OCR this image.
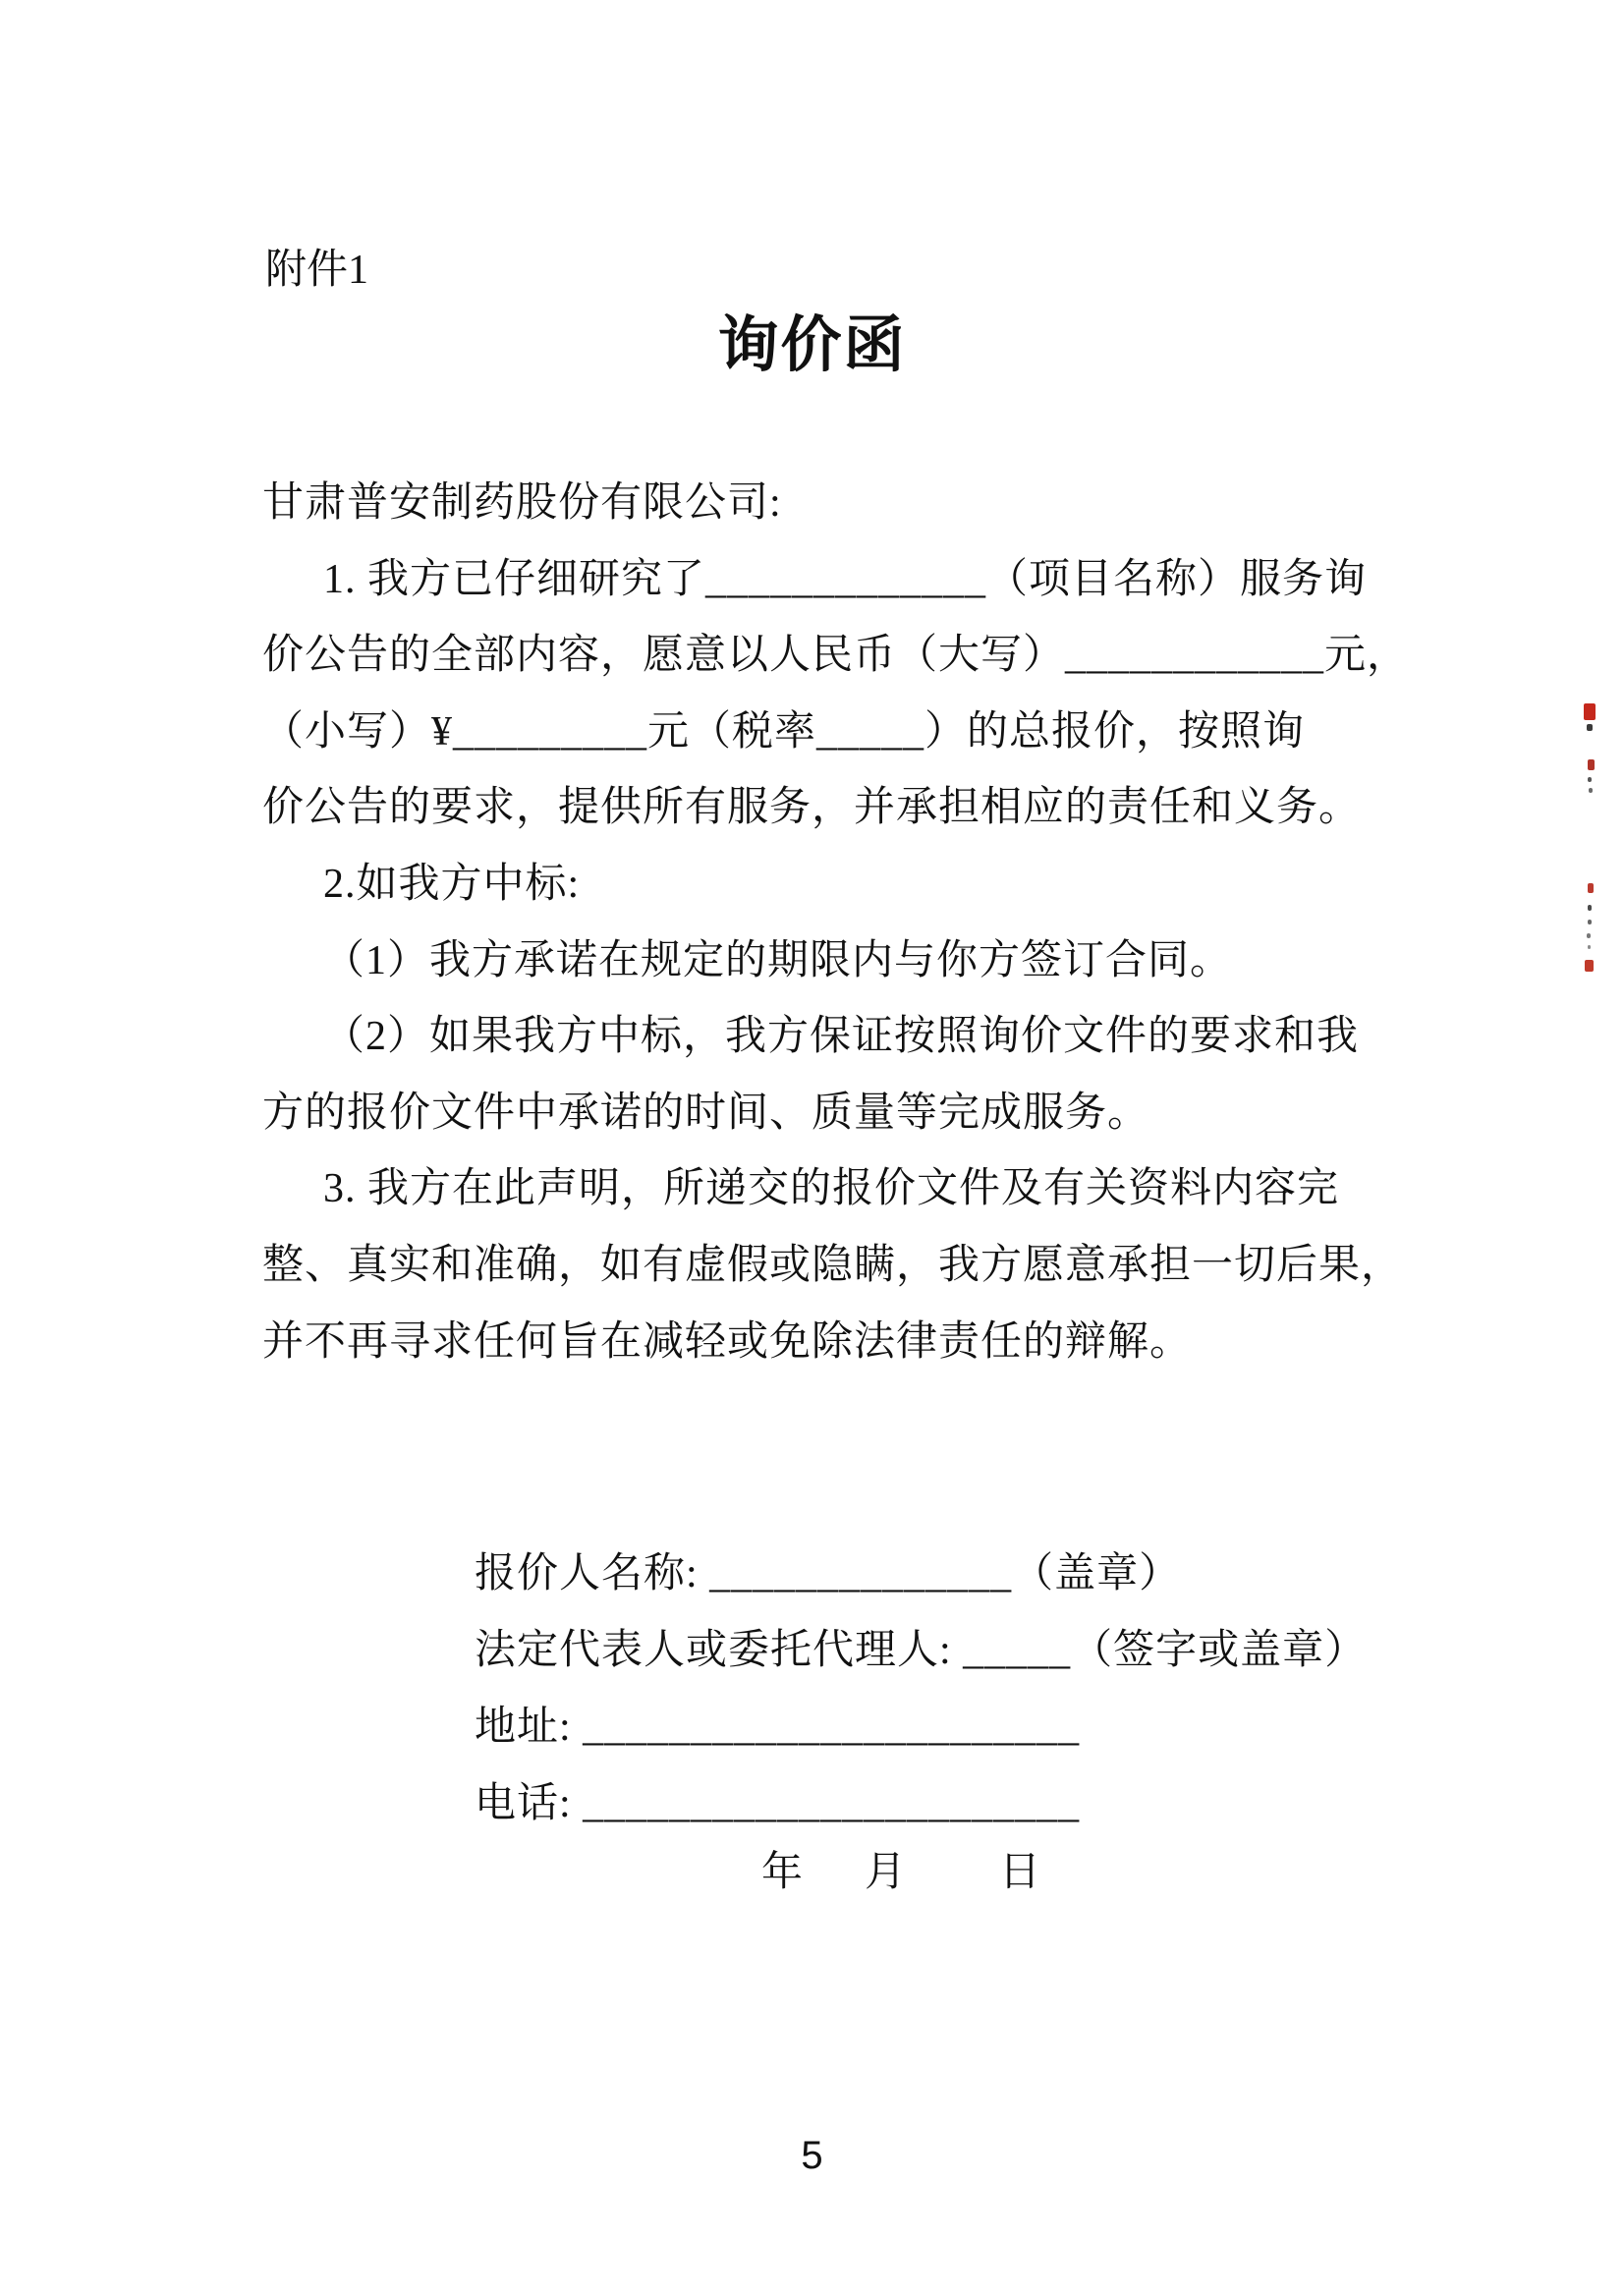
附件1
询价函
甘肃普安制药股份有限公司:
1. 我方已仔细研究了_____________（项目名称）服务询
价公告的全部内容，愿意以人民币（大写）____________元，
（小写）¥_________元（税率_____）的总报价，按照询
价公告的要求，提供所有服务，并承担相应的责任和义务。
2.如我方中标:
（1）我方承诺在规定的期限内与你方签订合同。
（2）如果我方中标，我方保证按照询价文件的要求和我
方的报价文件中承诺的时间、质量等完成服务。
3. 我方在此声明，所递交的报价文件及有关资料内容完
整、真实和准确，如有虚假或隐瞒，我方愿意承担一切后果，
并不再寻求任何旨在减轻或免除法律责任的辩解。
报价人名称: ______________（盖章）
法定代表人或委托代理人: _____（签字或盖章）
地址: _______________________
电话: _______________________
年 月 日
5
